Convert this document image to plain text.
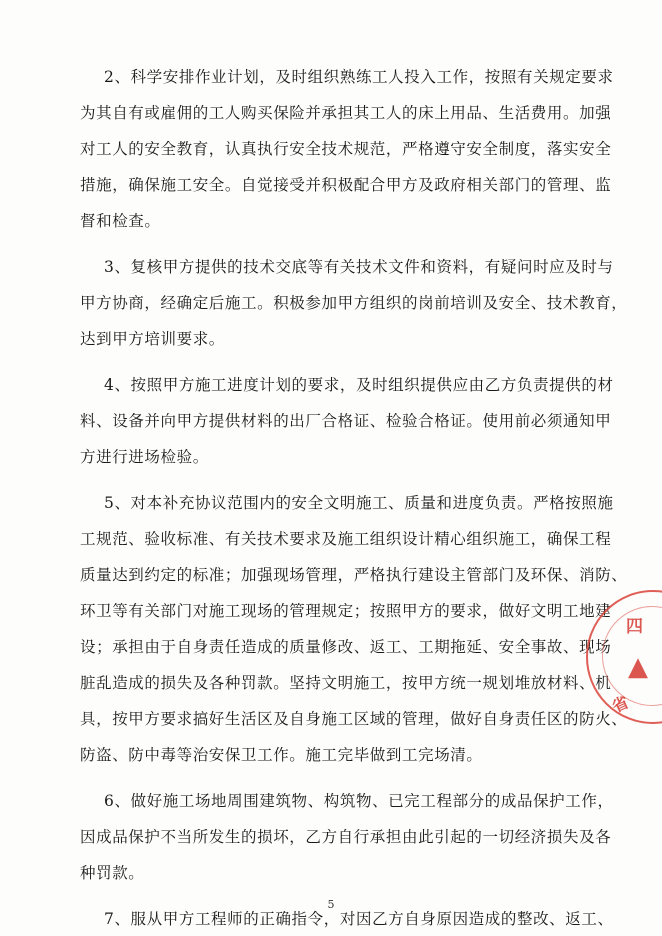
2、科学安排作业计划，及时组织熟练工人投入工作，按照有关规定要求
为其自有或雇佣的工人购买保险并承担其工人的床上用品、生活费用。加强
对工人的安全教育，认真执行安全技术规范，严格遵守安全制度，落实安全
措施，确保施工安全。自觉接受并积极配合甲方及政府相关部门的管理、监
督和检查。
3、复核甲方提供的技术交底等有关技术文件和资料，有疑问时应及时与
甲方协商，经确定后施工。积极参加甲方组织的岗前培训及安全、技术教育，
达到甲方培训要求。
4、按照甲方施工进度计划的要求，及时组织提供应由乙方负责提供的材
料、设备并向甲方提供材料的出厂合格证、检验合格证。使用前必须通知甲
方进行进场检验。
5、对本补充协议范围内的安全文明施工、质量和进度负责。严格按照施
工规范、验收标准、有关技术要求及施工组织设计精心组织施工，确保工程
质量达到约定的标准；加强现场管理，严格执行建设主管部门及环保、消防、
环卫等有关部门对施工现场的管理规定；按照甲方的要求，做好文明工地建
设；承担由于自身责任造成的质量修改、返工、工期拖延、安全事故、现场
脏乱造成的损失及各种罚款。坚持文明施工，按甲方统一规划堆放材料、机
具，按甲方要求搞好生活区及自身施工区域的管理，做好自身责任区的防火、
防盗、防中毒等治安保卫工作。施工完毕做到工完场清。
6、做好施工场地周围建筑物、构筑物、已完工程部分的成品保护工作，
因成品保护不当所发生的损坏，乙方自行承担由此引起的一切经济损失及各
种罚款。
7、服从甲方工程师的正确指令，对因乙方自身原因造成的整改、返工、
5
四
▲
省
